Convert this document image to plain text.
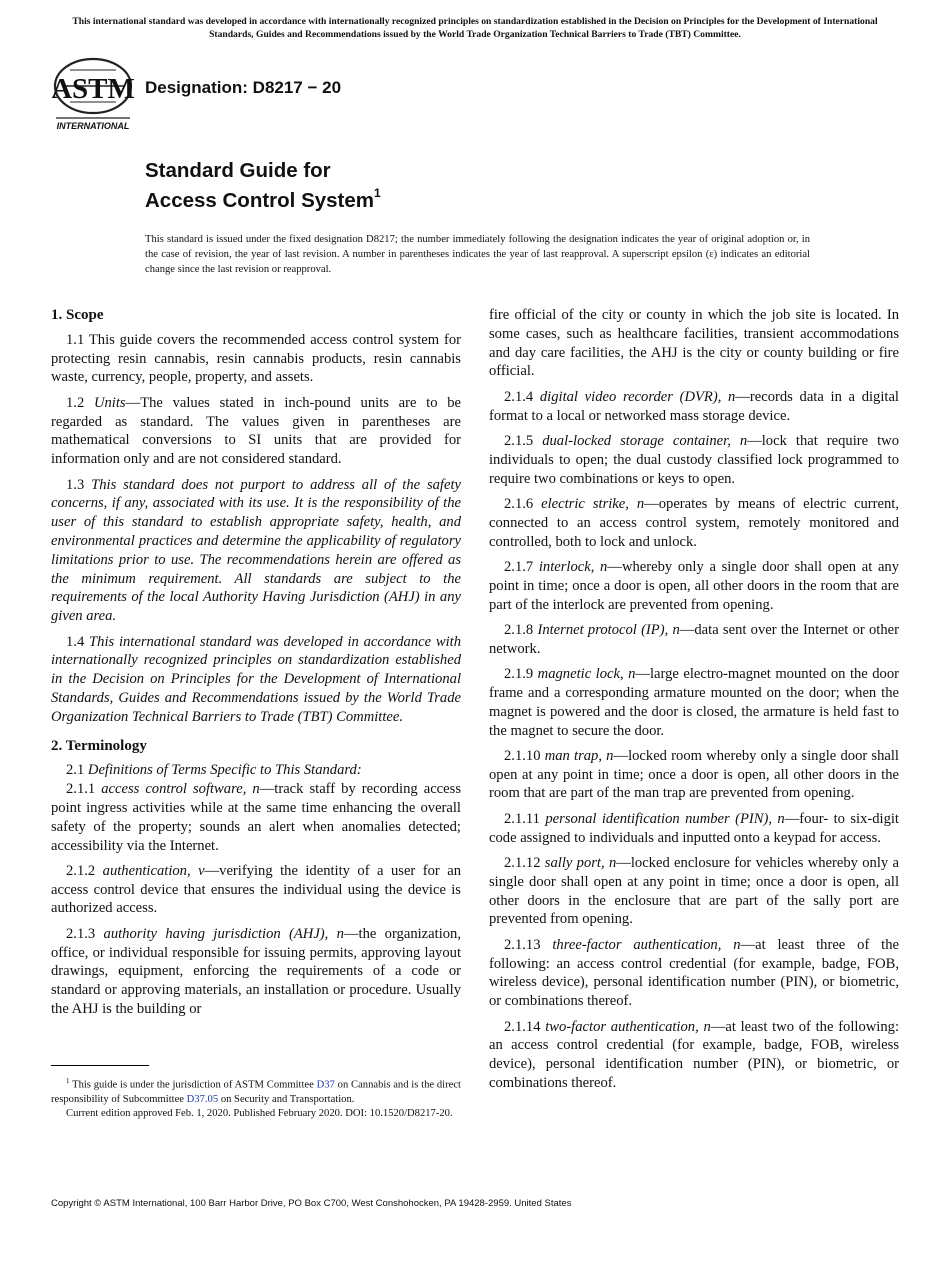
This international standard was developed in accordance with internationally recognized principles on standardization established in the Decision on Principles for the Development of International Standards, Guides and Recommendations issued by the World Trade Organization Technical Barriers to Trade (TBT) Committee.
ASTM
INTERNATIONAL
Designation: D8217 − 20
Standard Guide for
Access Control System$^1$
This standard is issued under the fixed designation D8217; the number immediately following the designation indicates the year of original adoption or, in the case of revision, the year of last revision. A number in parentheses indicates the year of last reapproval. A superscript epsilon (ε) indicates an editorial change since the last revision or reapproval.
1. Scope

1.1 This guide covers the recommended access control system for protecting resin cannabis, resin cannabis products, resin cannabis waste, currency, people, property, and assets.

1.2 Units—The values stated in inch-pound units are to be regarded as standard. The values given in parentheses are mathematical conversions to SI units that are provided for information only and are not considered standard.

1.3 This standard does not purport to address all of the safety concerns, if any, associated with its use. It is the responsibility of the user of this standard to establish appropriate safety, health, and environmental practices and determine the applicability of regulatory limitations prior to use. The recommendations herein are offered as the minimum requirement. All standards are subject to the requirements of the local Authority Having Jurisdiction (AHJ) in any given area.

1.4 This international standard was developed in accordance with internationally recognized principles on standardization established in the Decision on Principles for the Development of International Standards, Guides and Recommendations issued by the World Trade Organization Technical Barriers to Trade (TBT) Committee.

2. Terminology

2.1 Definitions of Terms Specific to This Standard:

2.1.1 access control software, n—track staff by recording access point ingress activities while at the same time enhancing the overall safety of the property; sounds an alert when anomalies detected; accessibility via the Internet.

2.1.2 authentication, v—verifying the identity of a user for an access control device that ensures the individual using the device is authorized access.

2.1.3 authority having jurisdiction (AHJ), n—the organization, office, or individual responsible for issuing permits, approving layout drawings, equipment, enforcing the requirements of a code or standard or approving materials, an installation or procedure. Usually the AHJ is the building or

fire official of the city or county in which the job site is located. In some cases, such as healthcare facilities, transient accommodations and day care facilities, the AHJ is the city or county building or fire official.

2.1.4 digital video recorder (DVR), n—records data in a digital format to a local or networked mass storage device.

2.1.5 dual-locked storage container, n—lock that require two individuals to open; the dual custody classified lock programmed to require two combinations or keys to open.

2.1.6 electric strike, n—operates by means of electric current, connected to an access control system, remotely monitored and controlled, both to lock and unlock.

2.1.7 interlock, n—whereby only a single door shall open at any point in time; once a door is open, all other doors in the room that are part of the interlock are prevented from opening.

2.1.8 Internet protocol (IP), n—data sent over the Internet or other network.

2.1.9 magnetic lock, n—large electro-magnet mounted on the door frame and a corresponding armature mounted on the door; when the magnet is powered and the door is closed, the armature is held fast to the magnet to secure the door.

2.1.10 man trap, n—locked room whereby only a single door shall open at any point in time; once a door is open, all other doors in the room that are part of the man trap are prevented from opening.

2.1.11 personal identification number (PIN), n—four- to six-digit code assigned to individuals and inputted onto a keypad for access.

2.1.12 sally port, n—locked enclosure for vehicles whereby only a single door shall open at any point in time; once a door is open, all other doors in the enclosure that are part of the sally port are prevented from opening.

2.1.13 three-factor authentication, n—at least three of the following: an access control credential (for example, badge, FOB, wireless device), personal identification number (PIN), or biometric, or combinations thereof.

2.1.14 two-factor authentication, n—at least two of the following: an access control credential (for example, badge, FOB, wireless device), personal identification number (PIN), or biometric, or combinations thereof.

$^1$ This guide is under the jurisdiction of ASTM Committee D37 on Cannabis and is the direct responsibility of Subcommittee D37.05 on Security and Transportation.

Current edition approved Feb. 1, 2020. Published February 2020. DOI: 10.1520/D8217-20.

Copyright © ASTM International, 100 Barr Harbor Drive, PO Box C700, West Conshohocken, PA 19428-2959. United States
